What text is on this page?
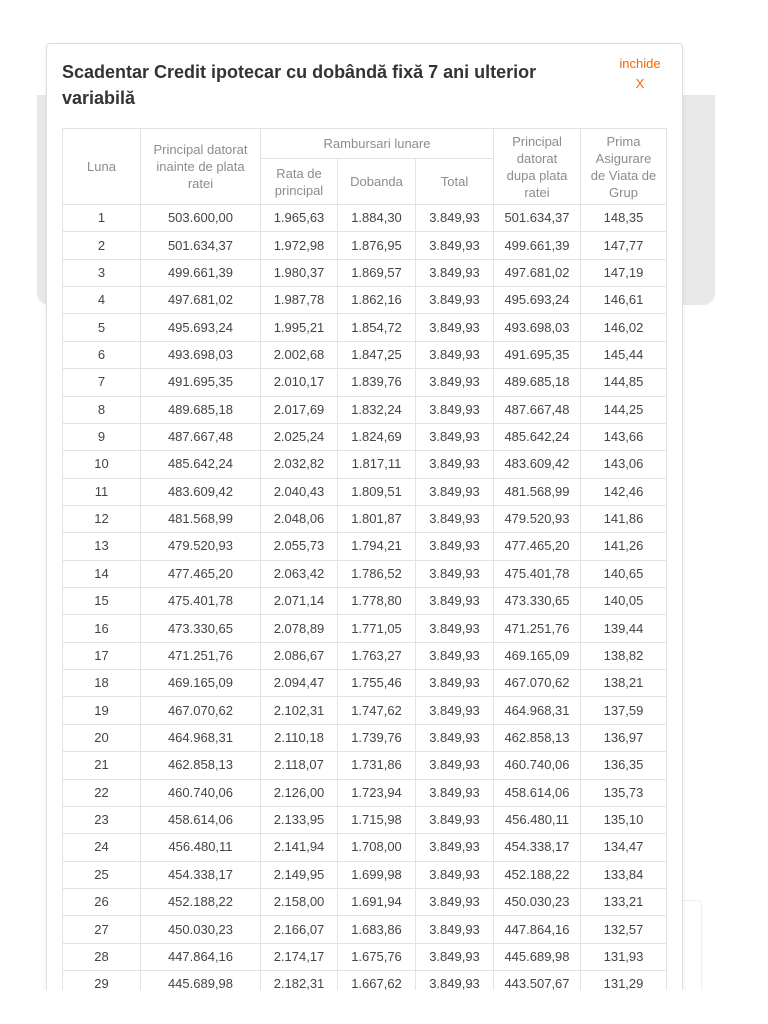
Scadentar Credit ipotecar cu dobândă fixă 7 ani ulterior variabilă
inchide
X
Luna	Principal datorat inainte de plata ratei	Rambursari lunare			Principal datorat dupa plata ratei	Prima Asigurare de Viata de Grup
		Rata de principal	Dobanda	Total		
1	503.600,00	1.965,63	1.884,30	3.849,93	501.634,37	148,35
2	501.634,37	1.972,98	1.876,95	3.849,93	499.661,39	147,77
3	499.661,39	1.980,37	1.869,57	3.849,93	497.681,02	147,19
4	497.681,02	1.987,78	1.862,16	3.849,93	495.693,24	146,61
5	495.693,24	1.995,21	1.854,72	3.849,93	493.698,03	146,02
6	493.698,03	2.002,68	1.847,25	3.849,93	491.695,35	145,44
7	491.695,35	2.010,17	1.839,76	3.849,93	489.685,18	144,85
8	489.685,18	2.017,69	1.832,24	3.849,93	487.667,48	144,25
9	487.667,48	2.025,24	1.824,69	3.849,93	485.642,24	143,66
10	485.642,24	2.032,82	1.817,11	3.849,93	483.609,42	143,06
11	483.609,42	2.040,43	1.809,51	3.849,93	481.568,99	142,46
12	481.568,99	2.048,06	1.801,87	3.849,93	479.520,93	141,86
13	479.520,93	2.055,73	1.794,21	3.849,93	477.465,20	141,26
14	477.465,20	2.063,42	1.786,52	3.849,93	475.401,78	140,65
15	475.401,78	2.071,14	1.778,80	3.849,93	473.330,65	140,05
16	473.330,65	2.078,89	1.771,05	3.849,93	471.251,76	139,44
17	471.251,76	2.086,67	1.763,27	3.849,93	469.165,09	138,82
18	469.165,09	2.094,47	1.755,46	3.849,93	467.070,62	138,21
19	467.070,62	2.102,31	1.747,62	3.849,93	464.968,31	137,59
20	464.968,31	2.110,18	1.739,76	3.849,93	462.858,13	136,97
21	462.858,13	2.118,07	1.731,86	3.849,93	460.740,06	136,35
22	460.740,06	2.126,00	1.723,94	3.849,93	458.614,06	135,73
23	458.614,06	2.133,95	1.715,98	3.849,93	456.480,11	135,10
24	456.480,11	2.141,94	1.708,00	3.849,93	454.338,17	134,47
25	454.338,17	2.149,95	1.699,98	3.849,93	452.188,22	133,84
26	452.188,22	2.158,00	1.691,94	3.849,93	450.030,23	133,21
27	450.030,23	2.166,07	1.683,86	3.849,93	447.864,16	132,57
28	447.864,16	2.174,17	1.675,76	3.849,93	445.689,98	131,93
29	445.689,98	2.182,31	1.667,62	3.849,93	443.507,67	131,29
